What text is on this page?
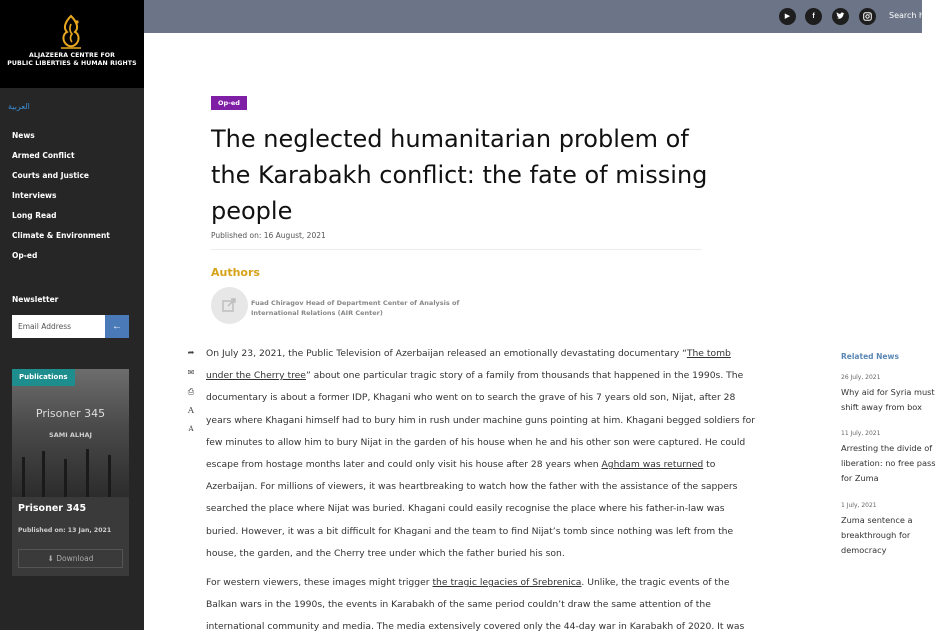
ALJAZEERA CENTRE FOR
PUBLIC LIBERTIES & HUMAN RIGHTS
العربية
News
Armed Conflict
Courts and Justice
Interviews
Long Read
Climate & Environment
Op-ed
Newsletter
Email Address
←
Publications
Prisoner 345
SAMI ALHAJ
Prisoner 345
Published on: 13 Jan, 2021
⬇ Download
▶	f	Search h
Op-ed
The neglected humanitarian problem of the Karabakh conflict: the fate of missing people
Published on: 16 August, 2021
Authors
Fuad Chiragov Head of Department Center of Analysis of International Relations (AIR Center)
➦
✉
⎙
A
A

On July 23, 2021, the Public Television of Azerbaijan released an emotionally devastating documentary “The tomb under the Cherry tree” about one particular tragic story of a family from thousands that happened in the 1990s. The documentary is about a former IDP, Khagani who went on to search the grave of his 7 years old son, Nijat, after 28 years where Khagani himself had to bury him in rush under machine guns pointing at him. Khagani begged soldiers for few minutes to allow him to bury Nijat in the garden of his house when he and his other son were captured. He could escape from hostage months later and could only visit his house after 28 years when Aghdam was returned to Azerbaijan. For millions of viewers, it was heartbreaking to watch how the father with the assistance of the sappers searched the place where Nijat was buried. Khagani could easily recognise the place where his father-in-law was buried. However, it was a bit difficult for Khagani and the team to find Nijat’s tomb since nothing was left from the house, the garden, and the Cherry tree under which the father buried his son.

For western viewers, these images might trigger the tragic legacies of Srebrenica. Unlike, the tragic events of the Balkan wars in the 1990s, the events in Karabakh of the same period couldn’t draw the same attention of the international community and media. The media extensively covered only the 44-day war in Karabakh of 2020. It was

Related News
26 July, 2021
Why aid for Syria must shift away from box
11 July, 2021
Arresting the divide of liberation: no free pass for Zuma
1 July, 2021
Zuma sentence a breakthrough for democracy
